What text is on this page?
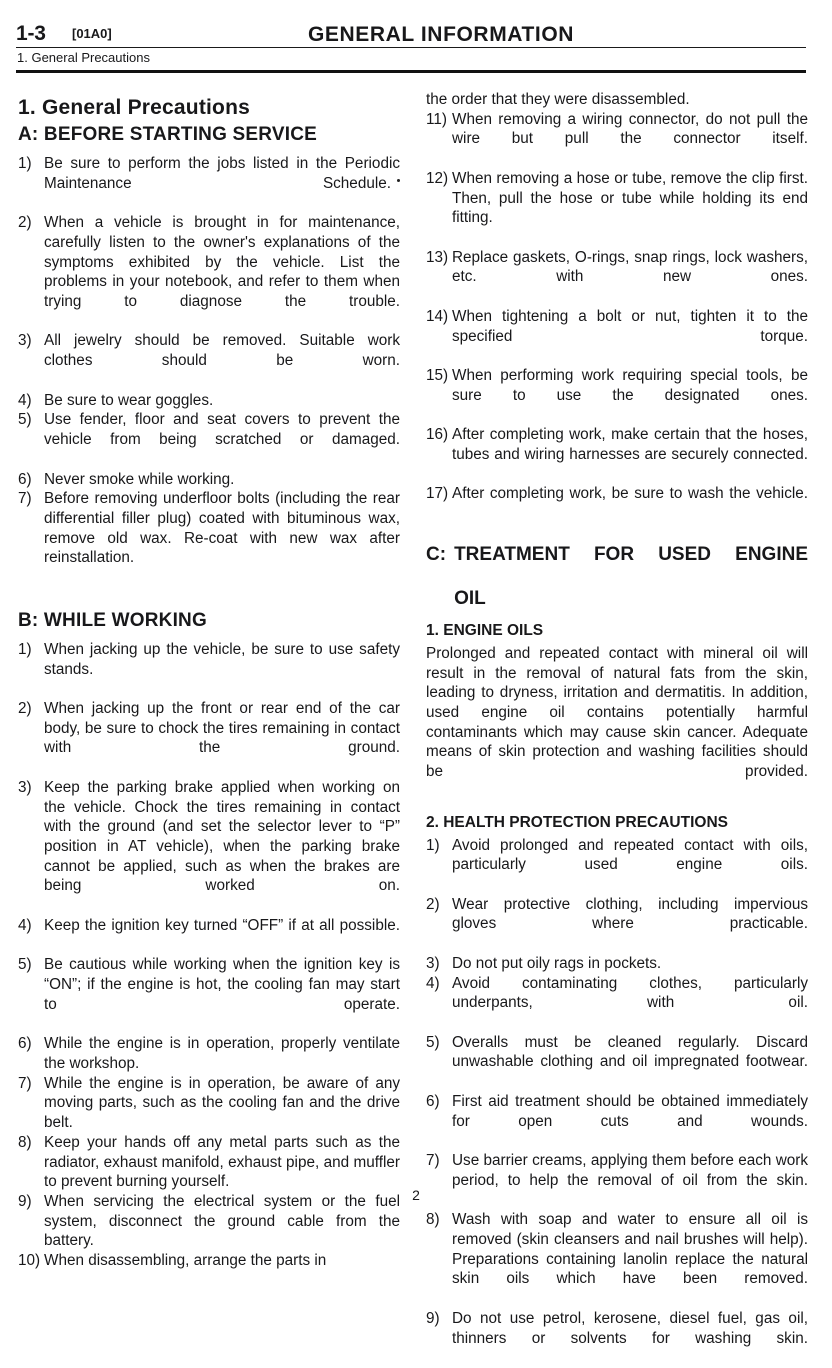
1-3 [01A0]	GENERAL INFORMATION
1. General Precautions
1. General Precautions
A: BEFORE STARTING SERVICE
1) Be sure to perform the jobs listed in the Periodic Maintenance Schedule.
2) When a vehicle is brought in for maintenance, carefully listen to the owner's explanations of the symptoms exhibited by the vehicle. List the problems in your notebook, and refer to them when trying to diagnose the trouble.
3) All jewelry should be removed. Suitable work clothes should be worn.
4) Be sure to wear goggles.
5) Use fender, floor and seat covers to prevent the vehicle from being scratched or damaged.
6) Never smoke while working.
7) Before removing underfloor bolts (including the rear differential filler plug) coated with bituminous wax, remove old wax. Re-coat with new wax after reinstallation.
B: WHILE WORKING
1) When jacking up the vehicle, be sure to use safety stands.
2) When jacking up the front or rear end of the car body, be sure to chock the tires remaining in contact with the ground.
3) Keep the parking brake applied when working on the vehicle. Chock the tires remaining in contact with the ground (and set the selector lever to “P” position in AT vehicle), when the parking brake cannot be applied, such as when the brakes are being worked on.
4) Keep the ignition key turned “OFF” if at all possible.
5) Be cautious while working when the ignition key is “ON”; if the engine is hot, the cooling fan may start to operate.
6) While the engine is in operation, properly ventilate the workshop.
7) While the engine is in operation, be aware of any moving parts, such as the cooling fan and the drive belt.
8) Keep your hands off any metal parts such as the radiator, exhaust manifold, exhaust pipe, and muffler to prevent burning yourself.
9) When servicing the electrical system or the fuel system, disconnect the ground cable from the battery.
10) When disassembling, arrange the parts in

the order that they were disassembled.

11) When removing a wiring connector, do not pull the wire but pull the connector itself.
12) When removing a hose or tube, remove the clip first. Then, pull the hose or tube while holding its end fitting.
13) Replace gaskets, O-rings, snap rings, lock washers, etc. with new ones.
14) When tightening a bolt or nut, tighten it to the specified torque.
15) When performing work requiring special tools, be sure to use the designated ones.
16) After completing work, make certain that the hoses, tubes and wiring harnesses are securely connected.
17) After completing work, be sure to wash the vehicle.
C: TREATMENT FOR USED ENGINE
OIL
1. ENGINE OILS

Prolonged and repeated contact with mineral oil will result in the removal of natural fats from the skin, leading to dryness, irritation and dermatitis. In addition, used engine oil contains potentially harmful contaminants which may cause skin cancer. Adequate means of skin protection and washing facilities should be provided.

2. HEALTH PROTECTION PRECAUTIONS
1) Avoid prolonged and repeated contact with oils, particularly used engine oils.
2) Wear protective clothing, including impervious gloves where practicable.
3) Do not put oily rags in pockets.
4) Avoid contaminating clothes, particularly underpants, with oil.
5) Overalls must be cleaned regularly. Discard unwashable clothing and oil impregnated footwear.
6) First aid treatment should be obtained immediately for open cuts and wounds.
7) Use barrier creams, applying them before each work period, to help the removal of oil from the skin.
8) Wash with soap and water to ensure all oil is removed (skin cleansers and nail brushes will help). Preparations containing lanolin replace the natural skin oils which have been removed.
9) Do not use petrol, kerosene, diesel fuel, gas oil, thinners or solvents for washing skin.
2
